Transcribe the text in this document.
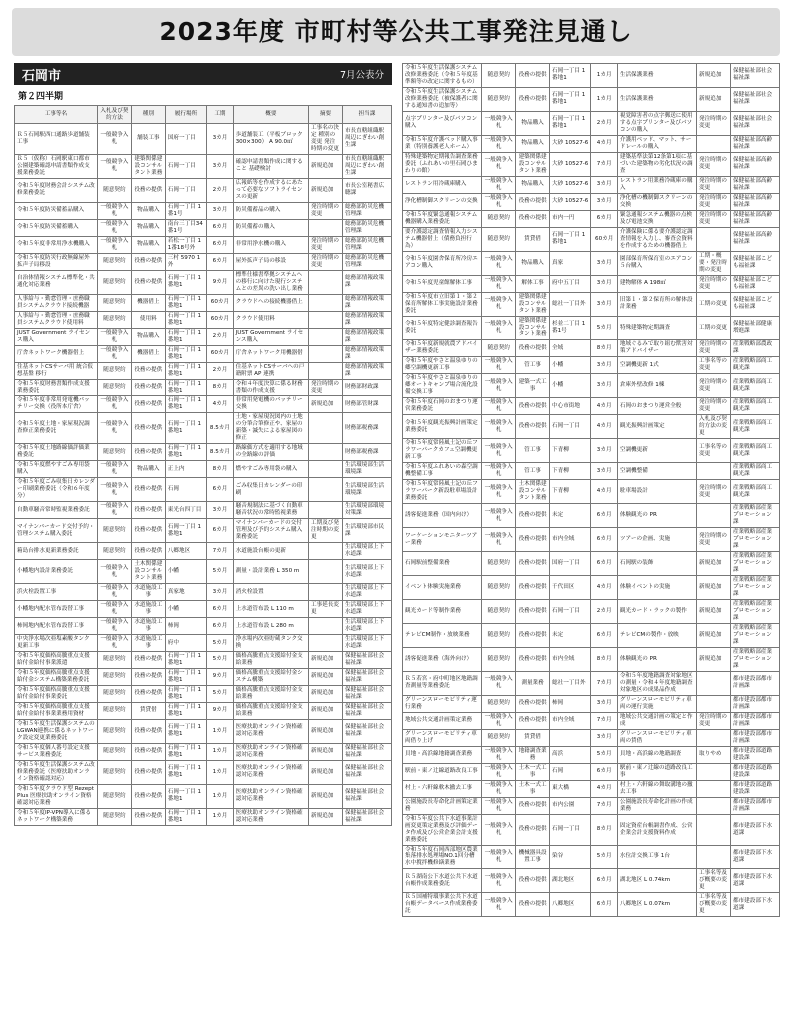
2023年度 市町村等公共工事発注見通し
石岡市	7月公表分
第２四半期
工事等名	入札及び契約方法	種別	履行場所	工期	概要	摘要	担当課
Ｒ５石岡駅西口通路歩道舗装工事	一般競争入札	舗装工事	国府一丁目	3カ月	歩道舗装工（平板ブロック 300×300） A 90.0㎡	工事名の決定 種別の変更 発注時期の変更	市長直轄組織駅周辺にぎわい創生課
Ｒ５（仮称）石岡駅東口都市公園建築確認申請書類作成支援業務委託	一般競争入札	建築関係建設コンサルタント業務	石岡一丁目	3カ月	確認申請書類作成に関すること 基礎検討	新規追加	市長直轄組織駅周辺にぎわい創生課
令和５年度財務会計システム改修業務委託	随意契約	役務の提供	石岡一丁目	2カ月	広報紙等を作成するにあたって必要なソフトライセンスの更新	新規追加	市長公室秘書広聴課
令和５年度防災備蓄品購入	一般競争入札	物品購入	石岡一丁目 1番1号	3カ月	防災備蓄品の購入	発注時期の変更	総務部防災危機管理課
令和５年度防災備蓄購入	一般競争入札	物品購入	南台三丁目34番1号	6カ月	防災備蓄の購入		総務部防災危機管理課
令和５年度非常用浄水機購入	一般競争入札	物品購入	若松一丁目 11番18号外	6カ月	非常用浄水機の購入	発注時期の変更	総務部防災危機管理課
令和５年度防災行政無線屋外拡声子局移設	随意契約	役務の提供	三村 5970 1外	6カ月	屋外拡声子局の移設	発注時期の変更	総務部防災危機管理課
自治体情報システム標準化・共通化対応業務	随意契約	役務の提供	石岡一丁目 1番地1	9カ月	標準仕様書準拠システムへの移行に向けた現行システムとの差異の洗い出し業務		総務部情報政策課
人事給与・勤怠管理・庶務職員システムクラウド接続機器	随意契約	機器借上	石岡一丁目 1番地1	60カ月	クラウドへの接続機器借上		総務部情報政策課
人事給与・勤怠管理・庶務職員システムクラウド使用料	随意契約	使用料	石岡一丁目 1番地1	60カ月	クラウド使用料		総務部情報政策課
JUST Government ライセンス購入	一般競争入札	物品購入	石岡一丁目 1番地1	2カ月	JUST Government ライセンス購入		総務部情報政策課
庁舎ネットワーク機器借上	一般競争入札	機器借上	石岡一丁目 1番地1	60カ月	庁舎ネットワーク用機器借		総務部情報政策課
住基ネットCSサーバ用 統合仮想基盤 移行	随意契約	役務の提供	石岡一丁目 1番地1	2カ月	住基ネットCSサーバへの戸籍附票 AP 連携		総務部情報政策課
令和５年度財務書類作成支援業務委託	随意契約	役務の提供	石岡一丁目 1番地1	8カ月	令和４年度決算に係る財務書類の作成支援	発注時期の変更	財務部財政課
令和５年度非常用発電機バッテリー交換（役所本庁舎）	一般競争入札	役務の提供	石岡一丁目 1番地1	4カ月	非常用発電機のバッテリー交換	新規追加	財務部管財課
令和５年度土地・家屋現況調査修正業務委託	一般競争入札	役務の提供	石岡一丁目 1番地1	8.5カ月	土地・家屋現況図内の土地の分筆合筆修正や、家屋の新築・滅失による家屋図の修正		財務部税務課
令和５年度土地路線価評価業務委託	随意契約	役務の提供	石岡一丁目 1番地1	8.5カ月	路線価方式を適用する地域の全路線の評価		財務部税務課
令和５年度燃やすごみ専用袋購入	一般競争入札	物品購入	正上内	8カ月	燃やすごみ専用袋の購入		生活環境部生活環境課
令和５年度ごみ収集日カレンダー印刷業務委託（令和６年度分）	一般競争入札	役務の提供	石岡	6カ月	ごみ収集日カレンダーの印刷		生活環境部生活環境課
自動車騒音常時監視業務委託	一般競争入札	役務の提供	東光台四丁目	3カ月	騒音規制法に基づく自動車騒音状況の常時監視業務		生活環境部環境対策課
マイナンバーカード交付予約・管理システム購入委託	随意契約	役務の提供	石岡一丁目 1番地1	6カ月	マイナンバーカードの交付管理及び予約システム購入業務委託	工期及び発注時期の変更	生活環境部市民課
箱島台排水更新業務委託	随意契約	役務の提供	八郷地区	7カ月	水道施設台帳の更新		生活環境部上下水道課
小幡地内設計業務委託	一般競争入札	土木関係建設コンサルタント業務	小幡	5カ月	測量・設計業務 L 350 m		生活環境部上下水道課
浜火栓設置工事	一般競争入札	水道施設工事	真家地	3カ月	消火栓設置		生活環境部上下水道課
小幡地内配水管布設替工事	一般競争入札	水道施設工事	小幡	6カ月	上水道管布設 L 110 m	工事延長変更	生活環境部上下水道課
柿岡地内配水管布設替工事	一般競争入札	水道施設工事	柿岡	6カ月	上水道管布設 L 280 m		生活環境部上下水道課
中央浄水場次亜塩素酸タンク更新工事	一般競争入札	水道施設工事	府中	5カ月	浄水場内次亜貯蔵タンク交換		生活環境部上下水道課
令和５年度価格高騰重点支援給付金給付事業派遣	随意契約	役務の提供	石岡一丁目 1番地1	5カ月	価格高騰重点支援給付金支給業務	新規追加	保健福祉部社会福祉課
令和５年度価格高騰重点支援給付金システム構築業務委託	随意契約	役務の提供	石岡一丁目 1番地1	9カ月	価格高騰重点支援給付金システム構築	新規追加	保健福祉部社会福祉課
令和５年度価格高騰重点支援給付金給付事業委託	随意契約	役務の提供	石岡一丁目 1番地1	5カ月	価格高騰重点支援給付金支給業務	新規追加	保健福祉部社会福祉課
令和５年度価格高騰重点支援給付金給付事業業務用資材	随意契約	賃貸借	石岡一丁目 1番地1	9カ月	価格高騰重点支援給付金支給業務	新規追加	保健福祉部社会福祉課
令和５年度生活保護システムのLGWAN連携に係るネットワーク設定変更業務委託	随意契約	役務の提供	石岡一丁目 1番地1	1カ月	医療扶助オンライン資格確認対応業務	新規追加	保健福祉部社会福祉課
令和５年度個人番号設定支援サービス業務委託	随意契約	役務の提供	石岡一丁目 1番地1	1カ月	医療扶助オンライン資格確認対応業務	新規追加	保健福祉部社会福祉課
令和５年度生活保護システム改修業務委託（医療扶助オンライン資格確認対応）	随意契約	役務の提供	石岡一丁目 1番地1	1カ月	医療扶助オンライン資格確認対応業務	新規追加	保健福祉部社会福祉課
令和５年度クラウド型 RezeptPlus 医療扶助オンライン資格確認対応業務	随意契約	役務の提供	石岡一丁目 1番地1	1カ月	医療扶助オンライン資格確認対応業務	新規追加	保健福祉部社会福祉課
令和５年度IP-VPN導入に係るネットワーク構築業務	随意契約	役務の提供	石岡一丁目 1番地1	1カ月	医療扶助オンライン資格確認対応業務	新規追加	保健福祉部社会福祉課
令和５年度生活保護システム改修業務委託（令和５年度基準額等の改定に関するもの）	随意契約	役務の提供	石岡一丁目 1番地1	1カ月	生活保護業務	新規追加	保健福祉部社会福祉課
令和５年度生活保護システム改修業務委託（被保護者に関する通知書の追加等）	随意契約	役務の提供	石岡一丁目 1番地1	1カ月	生活保護業務	新規追加	保健福祉部社会福祉課
点字プリンター及びパソコン購入	一般競争入札	物品購入	石岡一丁目 1番地1	2カ月	視覚障害者の点字郵送に使用する点字プリンター及びパソコンの購入	発注時期の変更	保健福祉部社会福祉課
令和５年度介護ベッド購入事業（特別養護老人ホーム）	一般競争入札	物品購入	大砂 10527-6	4カ月	介護用ベッド、マット、サードレールの購入		保健福祉部高齢福祉課
特殊建築物定期報告調査業務委託（ふれあいの里石岡ひまわりの館）	一般競争入札	建築関係建設コンサルタント業務	大砂 10527-6	7カ月	建築基準法第12条第1項に基づいた建築物の劣化状況の調査	発注時期の変更	保健福祉部高齢福祉課
レストラン用冷蔵庫購入	一般競争入札	物品購入	大砂 10527-6	3カ月	レストラン用業務冷蔵庫の購入	発注時期の変更	保健福祉部高齢福祉課
浄化槽制御スクリーンの交換	一般競争入札	役務の提供	大砂 10527-6	3カ月	浄化槽の機制御スクリーンの交換	発注時期の変更	保健福祉部高齢福祉課
令和５年度緊急通報システム機器購入業務委託	随意契約	役務の提供	市内一円	6カ月	緊急通報システム機器の点検及び電池交換	発注時期の変更	保健福祉部高齢福祉課
要介護認定調査情報入力システム機器借上（債務負担行為）	随意契約	賃貸借	石岡一丁目 1番地1	60カ月	介護保険に係る要介護認定調査情報を入力し、審査会資料を作成するための機器借上		保健福祉部高齢福祉課
令和５年度園舎保育所冷房エアコン購入	一般競争入札	物品購入	真家	3カ月	園部保育所保育室のエアコン５台購入	工期・概要・発注時期の変更	保健福祉部こども福祉課
令和５年度児童館解体工事	一般競争入札	解体工事	府中五丁目	3カ月	建物解体 A 198㎡	発注時期の変更	保健福祉部こども福祉課
令和５年度市立旧第１・第２保育所解体工事実施設計業務委託	一般競争入札	建築関係建設コンサルタント業務	総社一丁目外	3カ月	旧第１・第２保育所の解体設計業務	工期の変更	保健福祉部こども福祉課
令和５年度特定健診調査報告委託	一般競争入札	建築関係建設コンサルタント業務	杉並二丁目 1番1号	5カ月	特殊建築物定期調査	工期の変更	保健福祉部健康増進課
令和５年度新規就農アドバイザー業務委託	随意契約	役務の提供	全域	8カ月	地域ぐるみで取り組む獣害対策アドバイザー	発注時期の変更	産業戦略部農政課
令和５年度やさと温泉ゆりの郷空調機更新工事	一般競争入札	管工事	小幡	3カ月	空調機更新 1式	工事名等の変更	産業戦略部商工観光課
令和５年度やさと温泉ゆりの郷オートキャンプ場合流化設備交換工事	一般競争入札	建築一式工事	小幡	3カ月	倉庫外壁改修 1棟	発注時期の変更	産業戦略部商工観光課
令和５年度石岡のおまつり運営業務委託	一般競争入札	役務の提供	中心市街地	4カ月	石岡のおまつり運営全般	発注時期の変更	産業戦略部商工観光課
令和５年度観光振興計画策定業務委託	一般競争入札	役務の提供	石岡一丁目	4カ月	観光振興計画策定	入札及び契約方法の変更	産業戦略部商工観光課
令和５年度常陸風土記の丘フラワーパークカフェ空調機更新工事	一般競争入札	管工事	下青柳	3カ月	空調機更新	工事名等の変更	産業戦略部商工観光課
令和５年度ふれあいの森空調機整備工事	一般競争入札	管工事	下青柳	3カ月	空調機整備		産業戦略部商工観光課
令和５年度常陸風土記の丘フラワーパーク新設駐車場設計業務委託	一般競争入札	土木関係建設コンサルタント業務	下青柳	4カ月	駐車場設計	発注時期の変更	産業戦略部商工観光課
誘客促進業務（国内向け）	一般競争入札	役務の提供	未定	6カ月	体験観光の PR		産業戦略部産業プロモーション課
ワーケーションモニターツアー業務	一般競争入札	役務の提供	市内全域	6カ月	ツアーの企画、実施	発注時期の変更	産業戦略部産業プロモーション課
石岡駅前整備業務	随意契約	役務の提供	国府一丁目	6カ月	石岡駅の装飾	新規追加	産業戦略部産業プロモーション課
イベント体験実施業務	随意契約	役務の提供	千代田区	4カ月	体験イベントの実施	新規追加	産業戦略部産業プロモーション課
観光カード等制作業務	随意契約	役務の提供	石岡一丁目	2カ月	観光カード・ラックの製作	新規追加	産業戦略部産業プロモーション課
テレビCM制作・放映業務	随意契約	役務の提供	未定	6カ月	テレビCMの製作・放映	新規追加	産業戦略部産業プロモーション課
誘客促進業務（海外向け）	随意契約	役務の提供	市内全域	8カ月	体験観光の PR	新規追加	産業戦略部産業プロモーション課
Ｒ５若宮・府中町地区地籍調査測量等業務委託	一般競争入札	測量業務	総社一丁目外	7カ月	令和５年度地籍調査対象地区の測量・令和４年度地籍調査対象地区の成果品作成		都市建設部都市計画課
グリーンスローモビリティ運行業務	随意契約	役務の提供	柿岡	3カ月	グリーンスローモビリティ車両の運行実施		都市建設部都市計画課
地域公共交通計画策定業務	一般競争入札	役務の提供	市内全域	7カ月	地域公共交通計画の策定と作成	発注時期の変更	都市建設部都市計画課
グリーンスローモビリティ車両借り上げ	随意契約	賃貸借		3カ月	グリーンスローモビリティ車両の賃借		都市建設部都市計画課
貝地・高浜線地籍調査業務	一般競争入札	地籍調査業務	高浜	5カ月	貝地・高浜線の地籍調査	取りやめ	都市建設部道路建設課
駅前・東ノ辻線道路改良工事	一般競争入札	土木一式工事	石岡	6カ月	駅前・東ノ辻線の道路改良工事		都市建設部道路建設課
村上・六軒線軟木撤去工事	一般競争入札	土木一式工事	東大橋	4カ月	村上・六軒線の舞取溝地の撤去工事		都市建設部道路建設課
公園施設長寿命化計画策定業務	一般競争入札	役務の提供	市内公園	7カ月	公園施設長寿命化計画の作成業務		都市建設部都市計画課
令和５年度公共下水道事業計画変更策定業務及び評価データ作成及び公営企業会計支援業務委託	一般競争入札	役務の提供	石岡一丁目	8カ月	固定資産台帳調書作成、公営企業会計支援資料作成		都市建設部下水道課
令和５年度石岡西部地区農業集落排水処理場NO.1回分槽水中撹拌機修繕業務	一般競争入札	機械器具設置工事	染谷	5カ月	水位計交換工事 1台		都市建設部下水道課
Ｒ５湖南公下水道公共下水道台帳作成業務委託	一般競争入札	役務の提供	湖北地区	6カ月	湖北地区 L 0.74km	工事名等及び概要の変更	都市建設部下水道課
Ｒ５国補特環事業公共下水道台帳データベース作成業務委託	一般競争入札	役務の提供	八郷地区	6カ月	八郷地区 L 0.07km	工事名等及び概要の変更	都市建設部下水道課
